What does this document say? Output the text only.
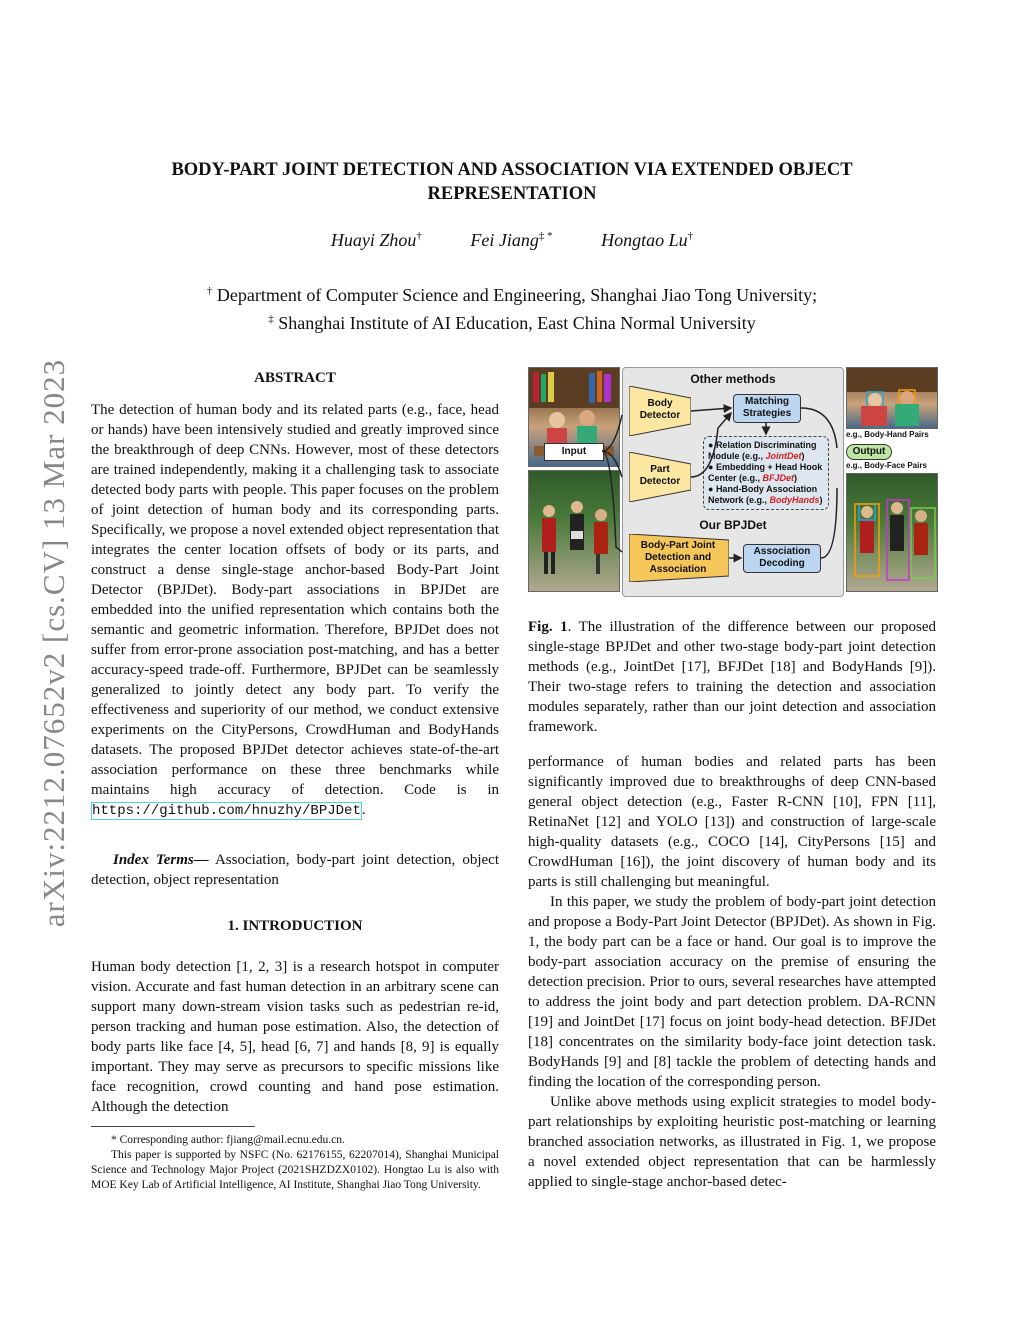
arXiv:2212.07652v2 [cs.CV] 13 Mar 2023
BODY-PART JOINT DETECTION AND ASSOCIATION VIA EXTENDED OBJECT
REPRESENTATION
Huayi Zhou†	Fei Jiang‡ *	Hongtao Lu†
† Department of Computer Science and Engineering, Shanghai Jiao Tong University;
‡ Shanghai Institute of AI Education, East China Normal University
ABSTRACT

The detection of human body and its related parts (e.g., face, head or hands) have been intensively studied and greatly improved since the breakthrough of deep CNNs. However, most of these detectors are trained independently, making it a challenging task to associate detected body parts with people. This paper focuses on the problem of joint detection of human body and its corresponding parts. Specifically, we propose a novel extended object representation that integrates the center location offsets of body or its parts, and construct a dense single-stage anchor-based Body-Part Joint Detector (BPJDet). Body-part associations in BPJDet are embedded into the unified representation which contains both the semantic and geometric information. Therefore, BPJDet does not suffer from error-prone association post-matching, and has a better accuracy-speed trade-off. Furthermore, BPJDet can be seamlessly generalized to jointly detect any body part. To verify the effectiveness and superiority of our method, we conduct extensive experiments on the CityPersons, CrowdHuman and BodyHands datasets. The proposed BPJDet detector achieves state-of-the-art association performance on these three benchmarks while maintains high accuracy of detection. Code is in https://github.com/hnuzhy/BPJDet.

Index Terms— Association, body-part joint detection, object detection, object representation

1. INTRODUCTION

Human body detection [1, 2, 3] is a research hotspot in computer vision. Accurate and fast human detection in an arbitrary scene can support many down-stream vision tasks such as pedestrian re-id, person tracking and human pose estimation. Also, the detection of body parts like face [4, 5], head [6, 7] and hands [8, 9] is equally important. They may serve as precursors to specific missions like face recognition, crowd counting and hand pose estimation. Although the detection

* Corresponding author: fjiang@mail.ecnu.edu.cn.

This paper is supported by NSFC (No. 62176155, 62207014), Shanghai Municipal Science and Technology Major Project (2021SHZDZX0102). Hongtao Lu is also with MOE Key Lab of Artificial Intelligence, AI Institute, Shanghai Jiao Tong University.

Other methods
Body Detector
Part Detector
Matching Strategies
● Relation Discriminating Module (e.g., JointDet)
● Embedding + Head Hook Center (e.g., BFJDet)
● Hand-Body Association Network (e.g., BodyHands)
Our BPJDet
Body-Part Joint Detection and Association
Association Decoding
Input	Output
e.g., Body-Hand Pairs
e.g., Body-Face Pairs

Fig. 1. The illustration of the difference between our proposed single-stage BPJDet and other two-stage body-part joint detection methods (e.g., JointDet [17], BFJDet [18] and BodyHands [9]). Their two-stage refers to training the detection and association modules separately, rather than our joint detection and association framework.

performance of human bodies and related parts has been significantly improved due to breakthroughs of deep CNN-based general object detection (e.g., Faster R-CNN [10], FPN [11], RetinaNet [12] and YOLO [13]) and construction of large-scale high-quality datasets (e.g., COCO [14], CityPersons [15] and CrowdHuman [16]), the joint discovery of human body and its parts is still challenging but meaningful.

In this paper, we study the problem of body-part joint detection and propose a Body-Part Joint Detector (BPJDet). As shown in Fig. 1, the body part can be a face or hand. Our goal is to improve the body-part association accuracy on the premise of ensuring the detection precision. Prior to ours, several researches have attempted to address the joint body and part detection problem. DA-RCNN [19] and JointDet [17] focus on joint body-head detection. BFJDet [18] concentrates on the similarity body-face joint detection task. BodyHands [9] and [8] tackle the problem of detecting hands and finding the location of the corresponding person.

Unlike above methods using explicit strategies to model body-part relationships by exploiting heuristic post-matching or learning branched association networks, as illustrated in Fig. 1, we propose a novel extended object representation that can be harmlessly applied to single-stage anchor-based detec-
